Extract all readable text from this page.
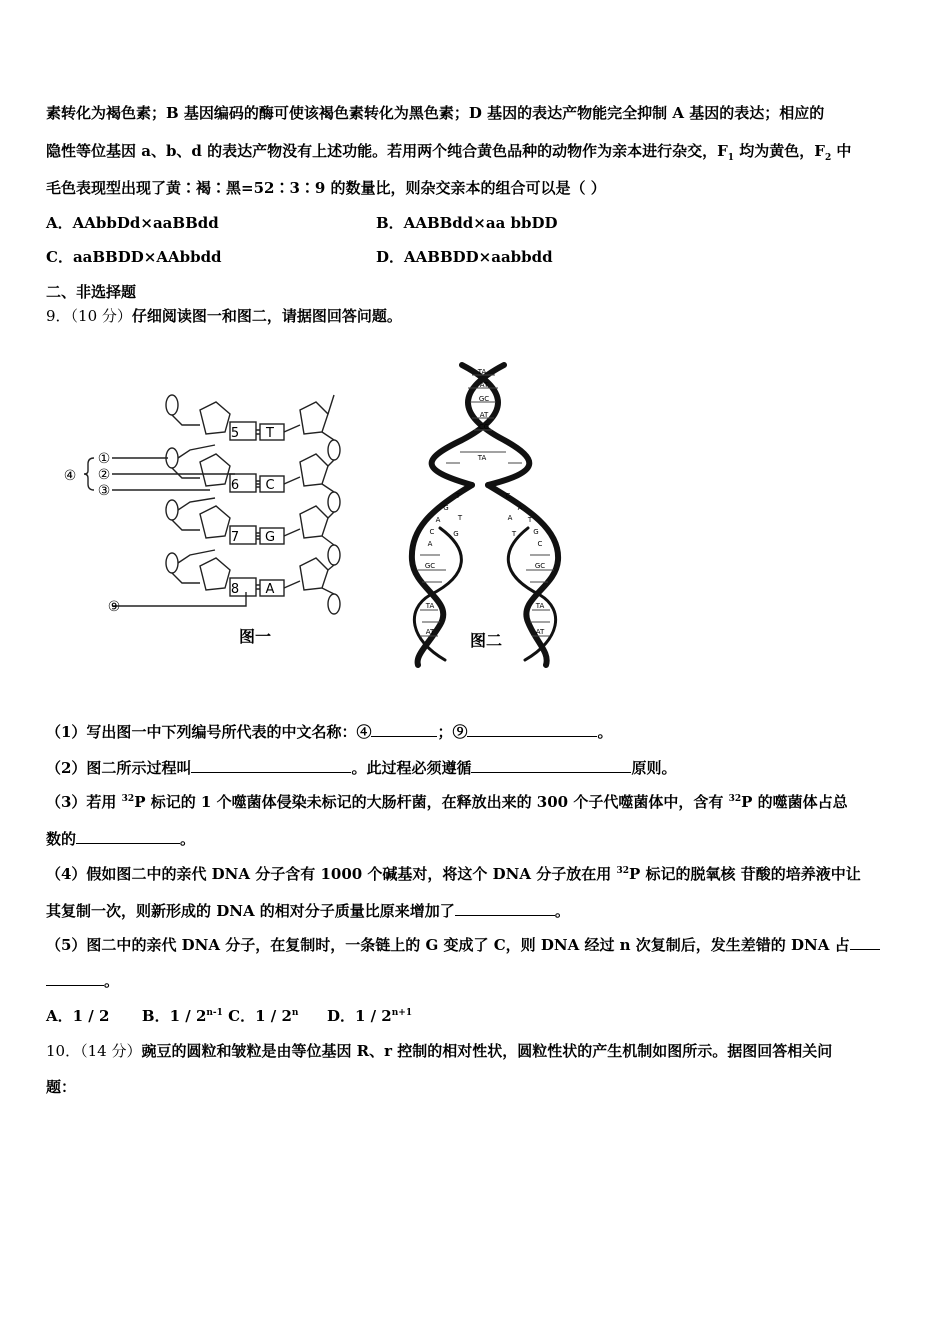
素转化为褐色素；B 基因编码的酶可使该褐色素转化为黑色素；D 基因的表达产物能完全抑制 A 基因的表达；相应的
隐性等位基因 a、b、d 的表达产物没有上述功能。若用两个纯合黄色品种的动物作为亲本进行杂交，$F_1$ 均为黄色，$F_2$ 中
毛色表现型出现了黄∶褐∶黑=52∶3∶9 的数量比，则杂交亲本的组合可以是（ ）
A．AAbbDd×aaBBdd	B．AABBdd×aa bbDD
C．aaBBDD×AAbbdd	D．AABBDD×aabbdd
二、非选择题
9．（10 分）仔细阅读图一和图二，请据图回答问题。
5 T
6 C
7 G
8 A
①
②
③
④
⑨
图一
TA
AT
GC
AT
CG
TA
GC
TA
AT
GC
TA
AT
T
G
A
C
A
T
G
C
A
T
G
C
A
T
图二
（1）写出图一中下列编号所代表的中文名称：④	；⑨	。
（2）图二所示过程叫	。此过程必须遵循	原则。
（3）若用 $^{32}$P 标记的 1 个噬菌体侵染未标记的大肠杆菌，在释放出来的 300 个子代噬菌体中，含有 $^{32}$P 的噬菌体占总
数的	。
（4）假如图二中的亲代 DNA 分子含有 1000 个碱基对，将这个 DNA 分子放在用 $^{32}$P 标记的脱氧核 苷酸的培养液中让
其复制一次，则新形成的 DNA 的相对分子质量比原来增加了	。
（5）图二中的亲代 DNA 分子，在复制时，一条链上的 G 变成了 C，则 DNA 经过 n 次复制后，发生差错的 DNA 占
。
A．1 / 2 B．1 / 2$^{n-1}$ C．1 / 2$^n$ D．$1 / 2^{n+1}$
10．（14 分）豌豆的圆粒和皱粒是由等位基因 R、r 控制的相对性状，圆粒性状的产生机制如图所示。据图回答相关问
题：
